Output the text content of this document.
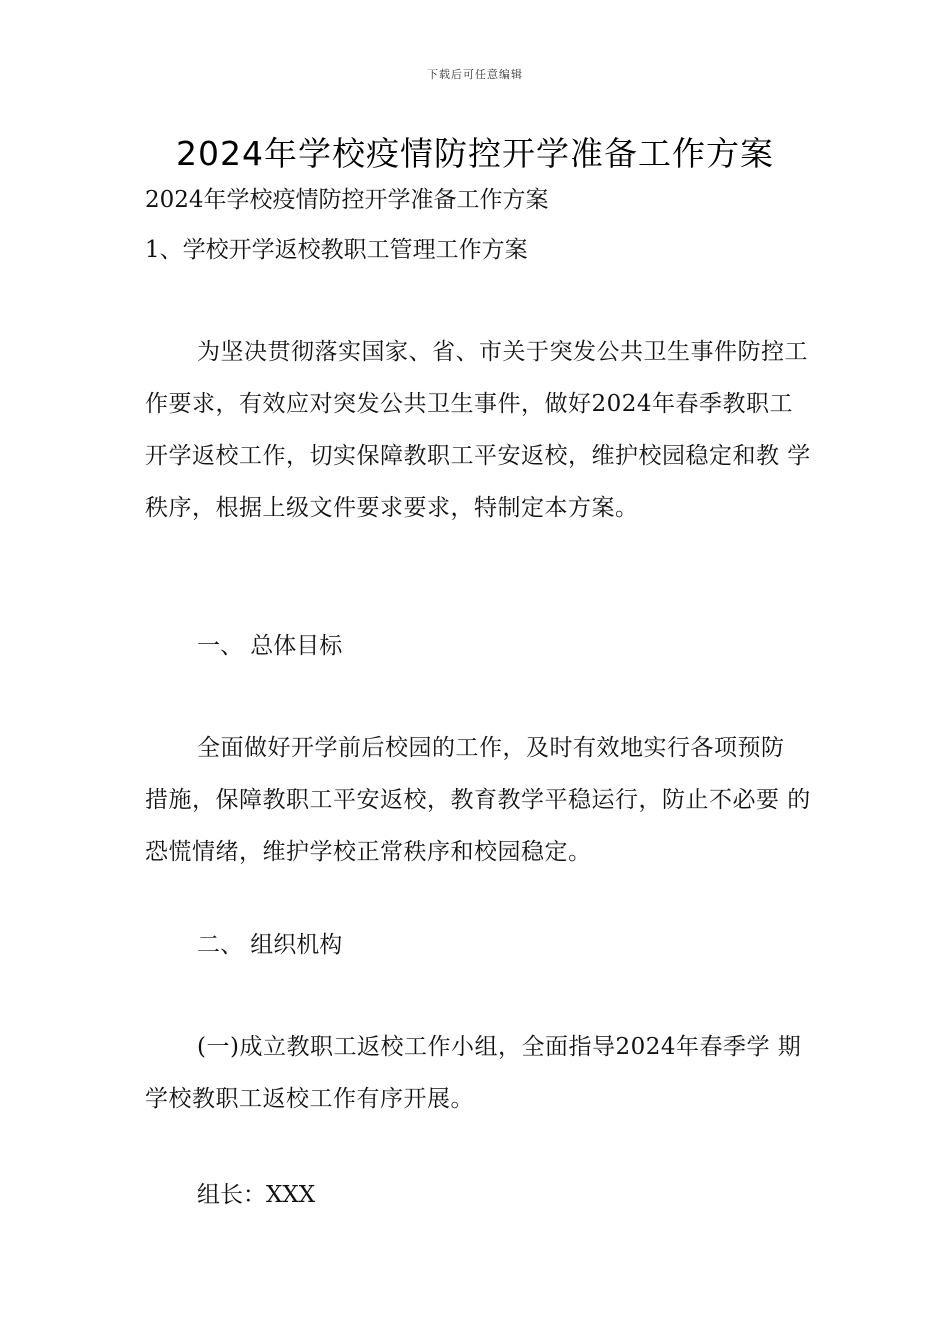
下载后可任意编辑
2024年学校疫情防控开学准备工作方案

2024年学校疫情防控开学准备工作方案

1、学校开学返校教职工管理工作方案

为坚决贯彻落实国家、省、市关于突发公共卫生事件防控工 作要求，有效应对突发公共卫生事件，做好2024年春季教职工 开学返校工作，切实保障教职工平安返校，维护校园稳定和教 学秩序，根据上级文件要求要求，特制定本方案。

一、 总体目标

全面做好开学前后校园的工作，及时有效地实行各项预防 措施，保障教职工平安返校，教育教学平稳运行，防止不必要 的恐慌情绪，维护学校正常秩序和校园稳定。

二、 组织机构

(一)成立教职工返校工作小组，全面指导2024年春季学 期学校教职工返校工作有序开展。

组长：XXX
